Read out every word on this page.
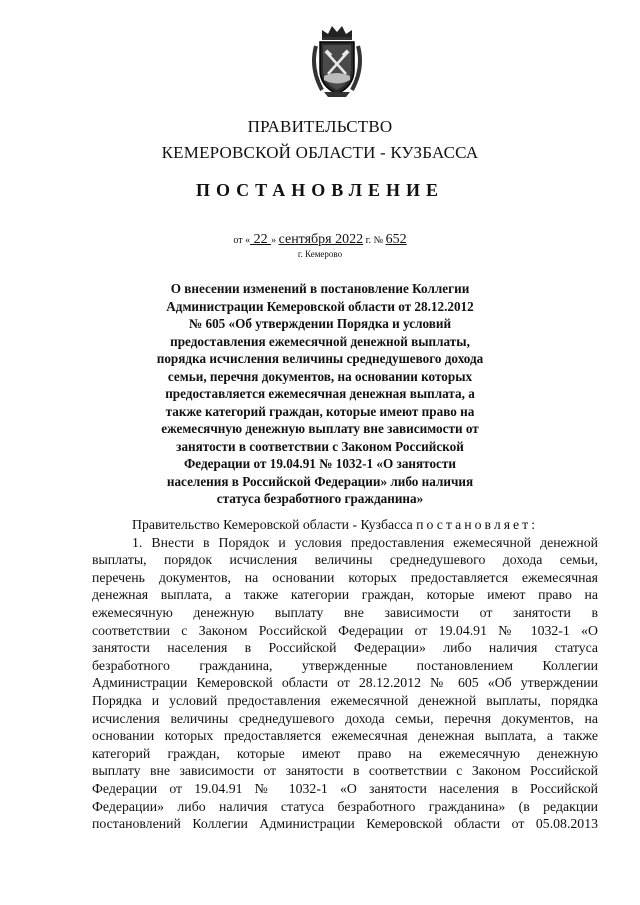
ПРАВИТЕЛЬСТВО
КЕМЕРОВСКОЙ ОБЛАСТИ - КУЗБАССА
ПОСТАНОВЛЕНИЕ
от « 22 » сентября 2022 г. № 652
г. Кемерово
О внесении изменений в постановление Коллегии
Администрации Кемеровской области от 28.12.2012
№ 605 «Об утверждении Порядка и условий
предоставления ежемесячной денежной выплаты,
порядка исчисления величины среднедушевого дохода
семьи, перечня документов, на основании которых
предоставляется ежемесячная денежная выплата, а
также категорий граждан, которые имеют право на
ежемесячную денежную выплату вне зависимости от
занятости в соответствии с Законом Российской
Федерации от 19.04.91 № 1032-1 «О занятости
населения в Российской Федерации» либо наличия
статуса безработного гражданина»
Правительство Кемеровской области - Кузбасса постановляет:
1. Внести в Порядок и условия предоставления ежемесячной денежной
выплаты, порядок исчисления величины среднедушевого дохода семьи,
перечень документов, на основании которых предоставляется ежемесячная
денежная выплата, а также категории граждан, которые имеют право на
ежемесячную денежную выплату вне зависимости от занятости в
соответствии с Законом Российской Федерации от 19.04.91 № 1032-1 «О
занятости населения в Российской Федерации» либо наличия статуса
безработного гражданина, утвержденные постановлением Коллегии
Администрации Кемеровской области от 28.12.2012 № 605 «Об утверждении
Порядка и условий предоставления ежемесячной денежной выплаты, порядка
исчисления величины среднедушевого дохода семьи, перечня документов, на
основании которых предоставляется ежемесячная денежная выплата, а также
категорий граждан, которые имеют право на ежемесячную денежную
выплату вне зависимости от занятости в соответствии с Законом Российской
Федерации от 19.04.91 № 1032-1 «О занятости населения в Российской
Федерации» либо наличия статуса безработного гражданина» (в редакции
постановлений Коллегии Администрации Кемеровской области от 05.08.2013
